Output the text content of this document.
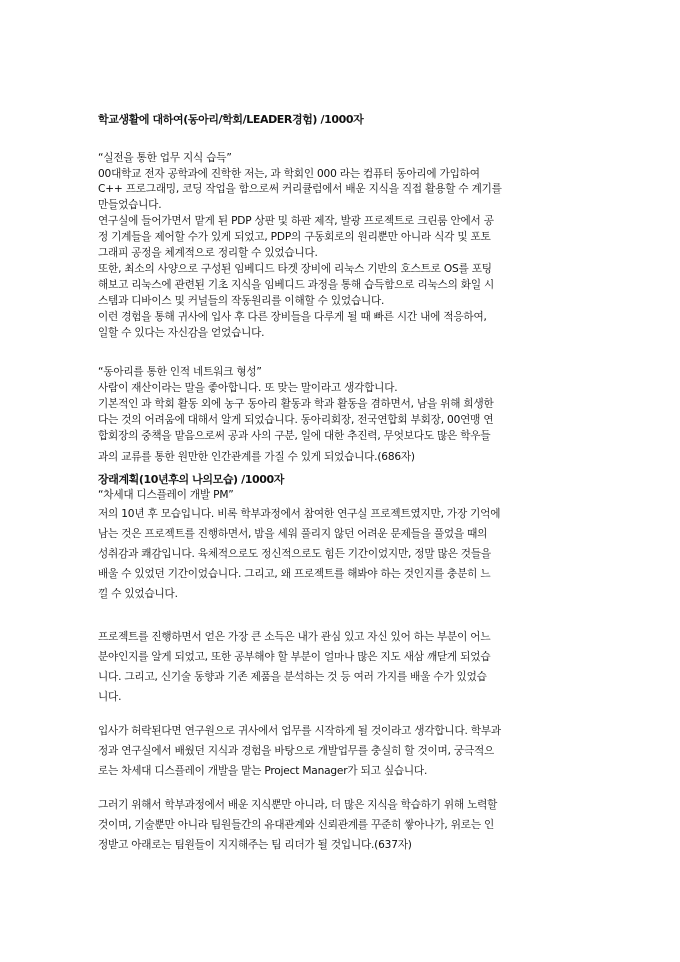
학교생활에 대하여(동아리/학회/LEADER경험) /1000자

“실전을 통한 업무 지식 습득”

00대학교 전자 공학과에 진학한 저는, 과 학회인 000 라는 컴퓨터 동아리에 가입하여

C++ 프로그래밍, 코딩 작업을 함으로써 커리큘럼에서 배운 지식을 직접 활용할 수 계기를

만들었습니다.

연구실에 들어가면서 맡게 된 PDP 상판 및 하판 제작, 발광 프로젝트로 크린룸 안에서 공

정 기계들을 제어할 수가 있게 되었고, PDP의 구동회로의 원리뿐만 아니라 식각 및 포토

그래피 공정을 체계적으로 정리할 수 있었습니다.

또한, 최소의 사양으로 구성된 임베디드 타겟 장비에 리눅스 기반의 호스트로 OS를 포팅

해보고 리눅스에 관련된 기초 지식을 임베디드 과정을 통해 습득함으로 리눅스의 화일 시

스템과 디바이스 및 커널들의 작동원리를 이해할 수 있었습니다.

이런 경험을 통해 귀사에 입사 후 다른 장비들을 다루게 될 때 빠른 시간 내에 적응하여,

일할 수 있다는 자신감을 얻었습니다.

“동아리를 통한 인적 네트워크 형성”

사람이 재산이라는 말을 좋아합니다. 또 맞는 말이라고 생각합니다.

기본적인 과 학회 활동 외에 농구 동아리 활동과 학과 활동을 겸하면서, 남을 위해 희생한

다는 것의 어려움에 대해서 알게 되었습니다. 동아리회장, 전국연합회 부회장, 00연맹 연

합회장의 중책을 맡음으로써 공과 사의 구분, 일에 대한 추진력, 무엇보다도 많은 학우들

과의 교류를 통한 원만한 인간관계를 가질 수 있게 되었습니다.(686자)

장래계획(10년후의 나의모습) /1000자

“차세대 디스플레이 개발 PM”

저의 10년 후 모습입니다. 비록 학부과정에서 참여한 연구실 프로젝트였지만, 가장 기억에

남는 것은 프로젝트를 진행하면서, 밤을 세워 풀리지 않던 어려운 문제들을 풀었을 때의

성취감과 쾌감입니다. 육체적으로도 정신적으로도 힘든 기간이었지만, 정말 많은 것들을

배울 수 있었던 기간이었습니다. 그리고, 왜 프로젝트를 해봐야 하는 것인지를 충분히 느

낄 수 있었습니다.

프로젝트를 진행하면서 얻은 가장 큰 소득은 내가 관심 있고 자신 있어 하는 부분이 어느

분야인지를 알게 되었고, 또한 공부해야 할 부분이 얼마나 많은 지도 새삼 깨닫게 되었습

니다. 그리고, 신기술 동향과 기존 제품을 분석하는 것 등 여러 가지를 배울 수가 있었습

니다.

입사가 허락된다면 연구원으로 귀사에서 업무를 시작하게 될 것이라고 생각합니다. 학부과

정과 연구실에서 배웠던 지식과 경험을 바탕으로 개발업무를 충실히 할 것이며, 궁극적으

로는 차세대 디스플레이 개발을 맡는 Project Manager가 되고 싶습니다.

그러기 위해서 학부과정에서 배운 지식뿐만 아니라, 더 많은 지식을 학습하기 위해 노력할

것이며, 기술뿐만 아니라 팀원들간의 유대관계와 신뢰관계를 꾸준히 쌓아나가, 위로는 인

정받고 아래로는 팀원들이 지지해주는 팀 리더가 될 것입니다.(637자)
